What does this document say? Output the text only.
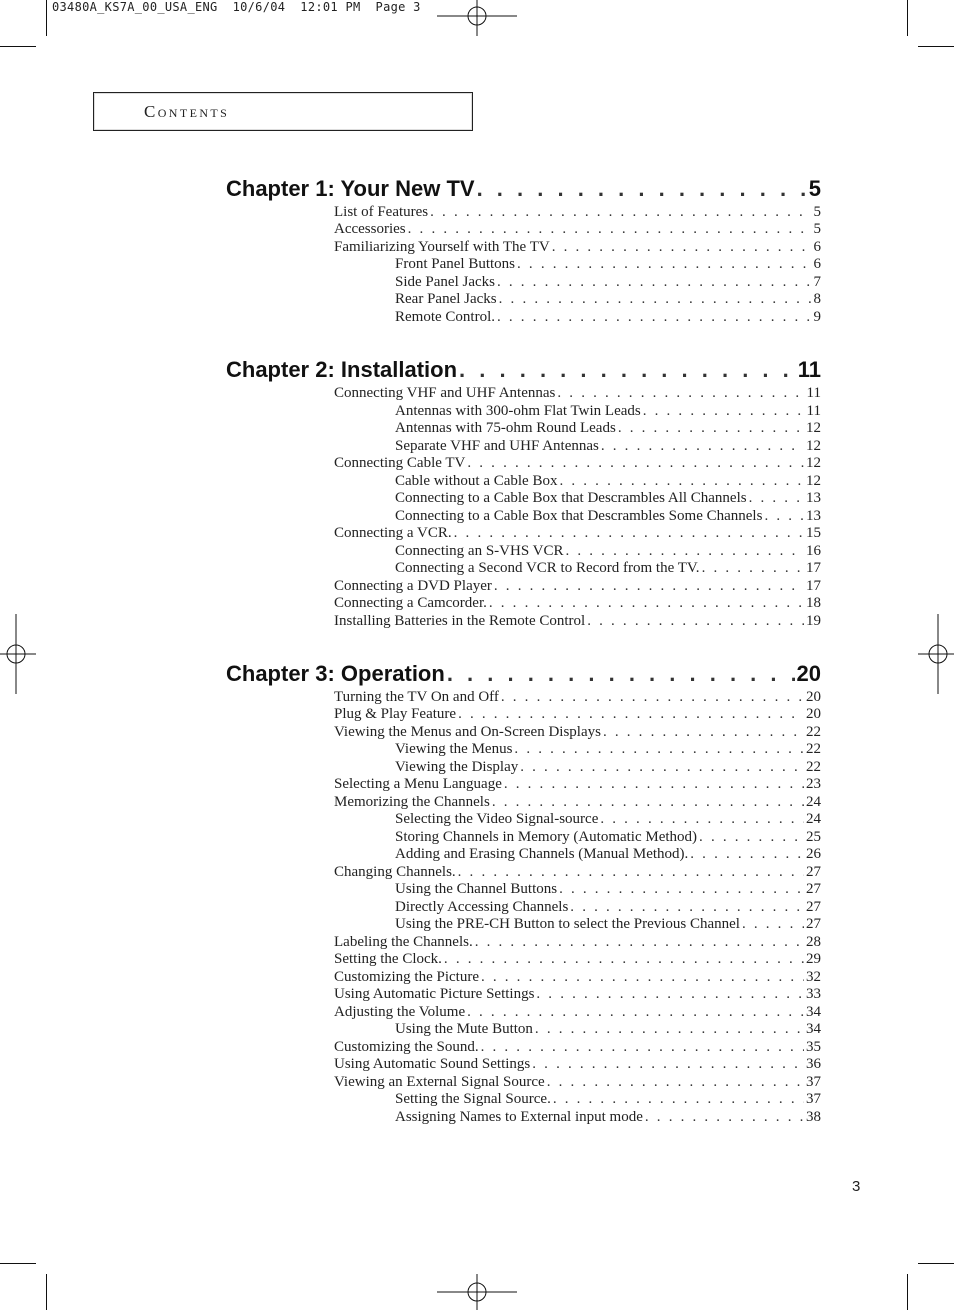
03480A_KS7A_00_USA_ENG  10/6/04  12:01 PM  Page 3
Contents
Chapter 1: Your New TV . . .	5
List of Features . . .	5
Accessories . . .	5
Familiarizing Yourself with The TV . . .	6
Front Panel Buttons . . .	6
Side Panel Jacks . . .	7
Rear Panel Jacks . . .	8
Remote Control. . . .	9
Chapter 2: Installation . . .	11
Connecting VHF and UHF Antennas . . .	11
Antennas with 300-ohm Flat Twin Leads . . .	11
Antennas with 75-ohm Round Leads . . .	12
Separate VHF and UHF Antennas . . .	12
Connecting Cable TV . . .	12
Cable without a Cable Box . . .	12
Connecting to a Cable Box that Descrambles All Channels . . .	13
Connecting to a Cable Box that Descrambles Some Channels . . .	13
Connecting a VCR. . . .	15
Connecting an S-VHS VCR . . .	16
Connecting a Second VCR to Record from the TV. . . .	17
Connecting a DVD Player . . .	17
Connecting a Camcorder. . . .	18
Installing Batteries in the Remote Control . . .	19
Chapter 3: Operation . . .	20
Turning the TV On and Off . . .	20
Plug & Play Feature . . .	20
Viewing the Menus and On-Screen Displays . . .	22
Viewing the Menus . . .	22
Viewing the Display . . .	22
Selecting a Menu Language . . .	23
Memorizing the Channels . . .	24
Selecting the Video Signal-source . . .	24
Storing Channels in Memory (Automatic Method) . . .	25
Adding and Erasing Channels (Manual Method). . . .	26
Changing Channels. . . .	27
Using the Channel Buttons . . .	27
Directly Accessing Channels . . .	27
Using the PRE-CH Button to select the Previous Channel . . .	27
Labeling the Channels. . . .	28
Setting the Clock. . . .	29
Customizing the Picture . . .	32
Using Automatic Picture Settings . . .	33
Adjusting the Volume . . .	34
Using the Mute Button . . .	34
Customizing the Sound. . . .	35
Using Automatic Sound Settings . . .	36
Viewing an External Signal Source . . .	37
Setting the Signal Source. . . .	37
Assigning Names to External input mode . . .	38
3
